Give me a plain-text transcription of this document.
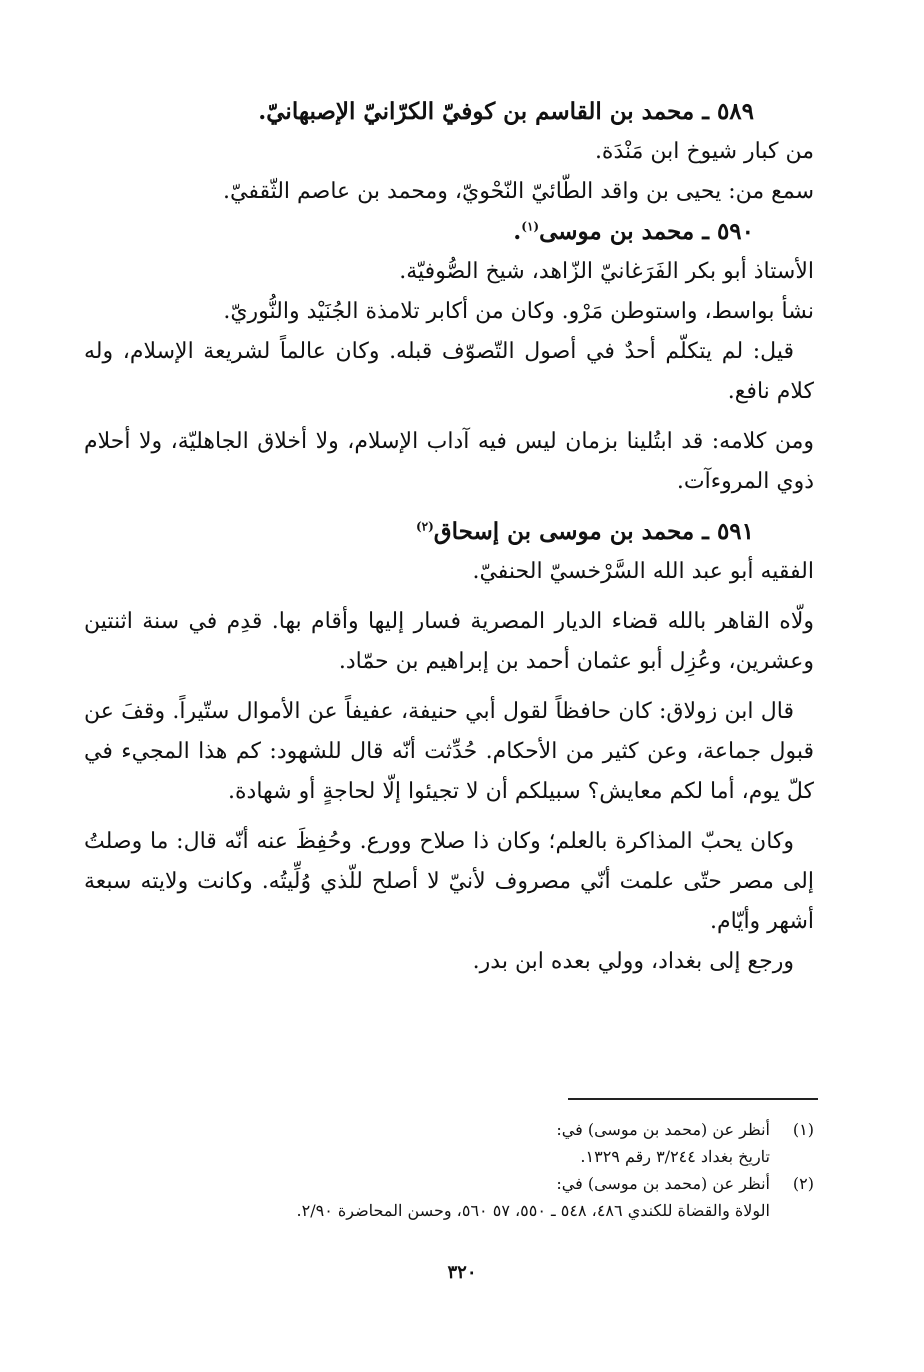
٥٨٩ ـ محمد بن القاسم بن كوفيّ الكرّانيّ الإصبهانيّ.

من كبار شيوخ ابن مَنْدَة.

سمع من: يحيى بن واقد الطّائيّ النّحْويّ، ومحمد بن عاصم الثّقفيّ.

٥٩٠ ـ محمد بن موسى$^{(١)}$.

الأستاذ أبو بكر الفَرَغانيّ الزّاهد، شيخ الصُّوفيّة.

نشأ بواسط، واستوطن مَرْو. وكان من أكابر تلامذة الجُنَيْد والنُّوريّ.

قيل: لم يتكلّم أحدٌ في أصول التّصوّف قبله. وكان عالماً لشريعة الإسلام، وله كلام نافع.

ومن كلامه: قد ابتُلينا بزمان ليس فيه آداب الإسلام، ولا أخلاق الجاهليّة، ولا أحلام ذوي المروءآت.

٥٩١ ـ محمد بن موسى بن إسحاق$^{(٢)}$

الفقيه أبو عبد الله السَّرْخسيّ الحنفيّ.

ولّاه القاهر بالله قضاء الديار المصرية فسار إليها وأقام بها. قدِم في سنة اثنتين وعشرين، وعُزِل أبو عثمان أحمد بن إبراهيم بن حمّاد.

قال ابن زولاق: كان حافظاً لقول أبي حنيفة، عفيفاً عن الأموال ستّيراً. وقفَ عن قبول جماعة، وعن كثير من الأحكام. حُدِّثت أنّه قال للشهود: كم هذا المجيء في كلّ يوم، أما لكم معايش؟ سبيلكم أن لا تجيئوا إلّا لحاجةٍ أو شهادة.

وكان يحبّ المذاكرة بالعلم؛ وكان ذا صلاح وورع. وحُفِظَ عنه أنّه قال: ما وصلتُ إلى مصر حتّى علمت أنّي مصروف لأنيّ لا أصلح للّذي وُلِّيتُه. وكانت ولايته سبعة أشهر وأيّام.

ورجع إلى بغداد، وولي بعده ابن بدر.

(١)
أنظر عن (محمد بن موسى) في:
تاريخ بغداد ٣/٢٤٤ رقم ١٣٢٩.
(٢)
أنظر عن (محمد بن موسى) في:
الولاة والقضاة للكندي ٤٨٦، ٥٤٨ ـ ٥٥٠، ٥٧ ٥٦٠، وحسن المحاضرة ٢/٩٠.
٣٢٠
